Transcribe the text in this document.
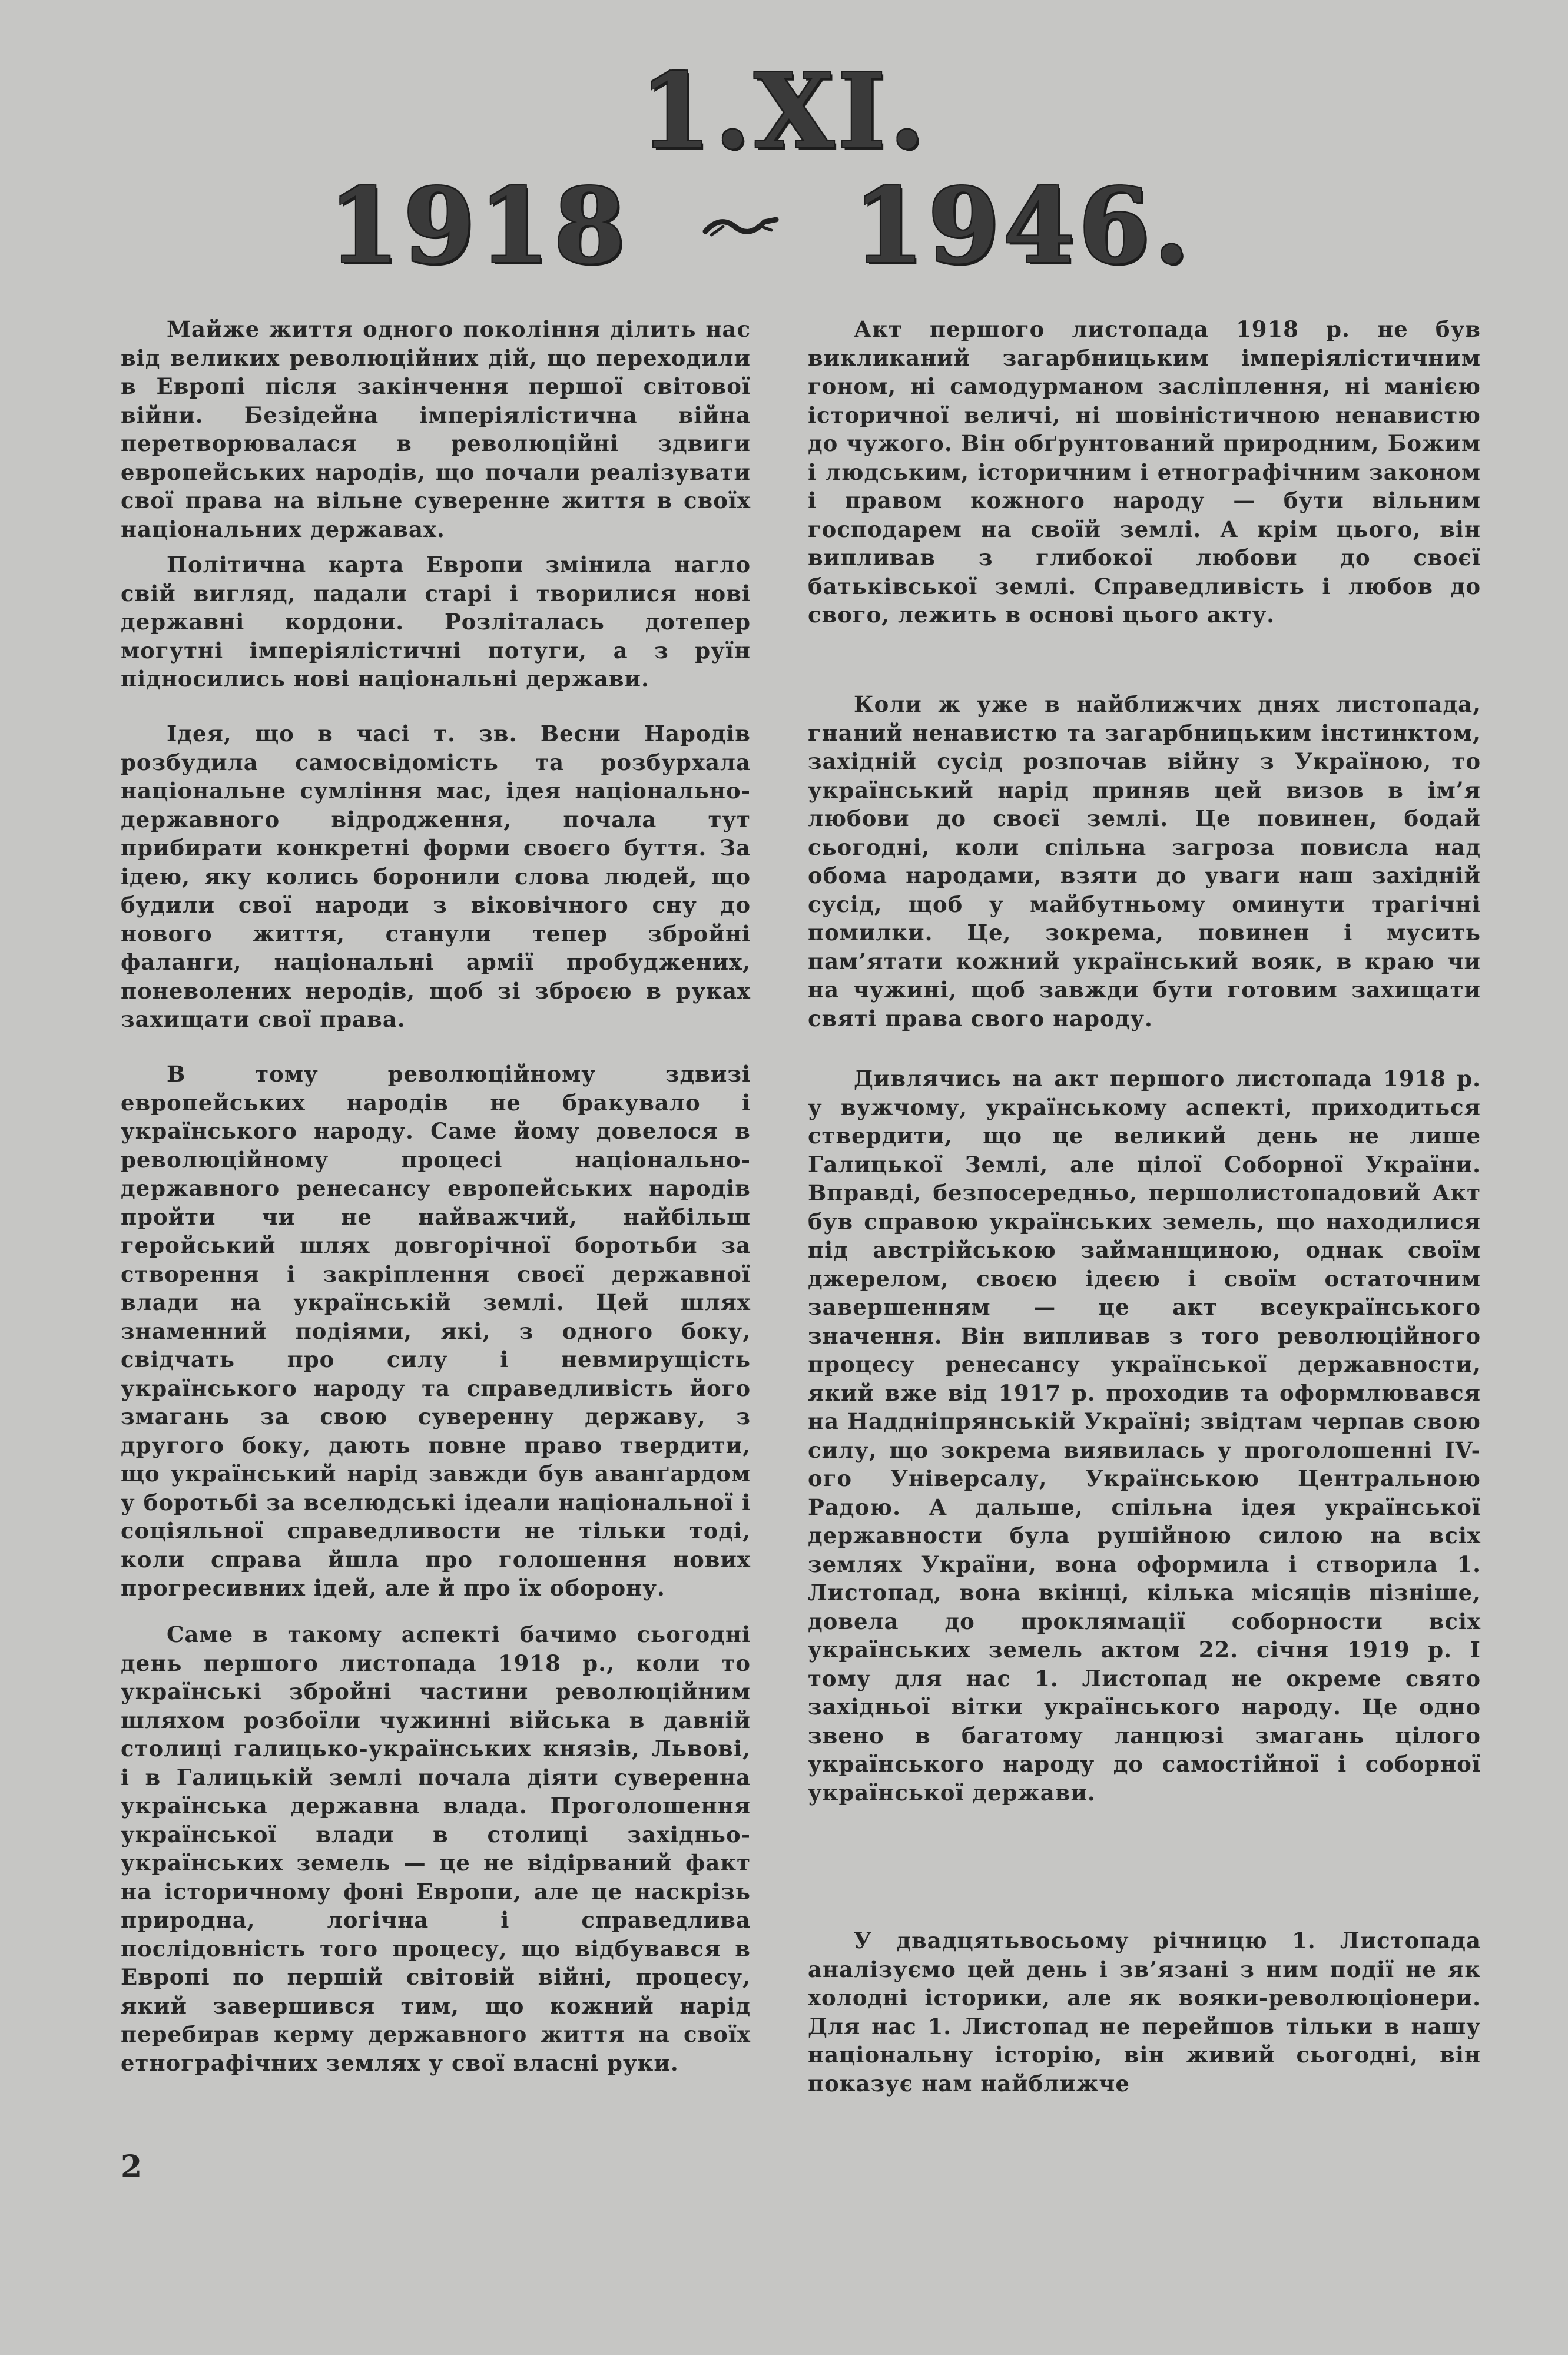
1.XI.
1918 1946.

Майже життя одного покоління ділить нас від великих революційних дій, що переходили в Европі після закінчення першої світової війни. Безідейна імперіялістична війна перетворювалася в революційні здвиги европейських народів, що почали реалізувати свої права на вільне суверенне життя в своїх національних державах.

Політична карта Европи змінила нагло свій вигляд, падали старі і творилися нові державні кордони. Розліталась дотепер могутні імперіялістичні потуги, а з руїн підносились нові національні держави.

Ідея, що в часі т. зв. Весни Народів розбудила самосвідомість та розбурхала національне сумління мас, ідея національно-державного відродження, почала тут прибирати конкретні форми своєго буття. За ідею, яку колись боронили слова людей, що будили свої народи з віковічного сну до нового життя, станули тепер збройні фаланги, національні армії пробуджених, поневолених неродів, щоб зі зброєю в руках захищати свої права.

В тому революційному здвизі европейських народів не бракувало і українського народу. Саме йому довелося в революційному процесі національно-державного ренесансу европейських народів пройти чи не найважчий, найбільш геройський шлях довгорічної боротьби за створення і закріплення своєї державної влади на українській землі. Цей шлях знаменний подіями, які, з одного боку, свідчать про силу і невмирущість українського народу та справедливість його змагань за свою суверенну державу, з другого боку, дають повне право твердити, що український нарід завжди був аванґардом у боротьбі за вселюдські ідеали національної і соціяльної справедливости не тільки тоді, коли справа йшла про голошення нових прогресивних ідей, але й про їх оборону.

Саме в такому аспекті бачимо сьогодні день першого листопада 1918 р., коли то українські збройні частини революційним шляхом розбоїли чужинні війська в давній столиці галицько-українських князів, Львові, і в Галицькій землі почала діяти суверенна українська державна влада. Проголошення української влади в столиці західньо-українських земель — це не відірваний факт на історичному фоні Европи, але це наскрізь природна, логічна і справедлива послідовність того процесу, що відбувався в Европі по першій світовій війні, процесу, який завершився тим, що кожний нарід перебирав керму державного життя на своїх етнографічних землях у свої власні руки.

Акт першого листопада 1918 р. не був викликаний загарбницьким імперіялістичним гоном, ні самодурманом засліплення, ні манією історичної величі, ні шовіністичною ненавистю до чужого. Він обґрунтований природним, Божим і людським, історичним і етнографічним законом і правом кожного народу — бути вільним господарем на своїй землі. А крім цього, він випливав з глибокої любови до своєї батьківської землі. Справедливість і любов до свого, лежить в основі цього акту.

Коли ж уже в найближчих днях листопада, гнаний ненавистю та загарбницьким інстинктом, західній сусід розпочав війну з Україною, то український нарід приняв цей визов в ім’я любови до своєї землі. Це повинен, бодай сьогодні, коли спільна загроза повисла над обома народами, взяти до уваги наш західній сусід, щоб у майбутньому оминути трагічні помилки. Це, зокрема, повинен і мусить пам’ятати кожний український вояк, в краю чи на чужині, щоб завжди бути готовим захищати святі права свого народу.

Дивлячись на акт першого листопада 1918 р. у вужчому, українському аспекті, приходиться ствердити, що це великий день не лише Галицької Землі, але цілої Соборної України. Вправді, безпосередньо, першолистопадовий Акт був справою українських земель, що находилися під австрійською займанщиною, однак своїм джерелом, своєю ідеєю і своїм остаточним завершенням — це акт всеукраїнського значення. Він випливав з того революційного процесу ренесансу української державности, який вже від 1917 р. проходив та оформлювався на Наддніпрянській Україні; звідтам черпав свою силу, що зокрема виявилась у проголошенні IV-ого Універсалу, Українською Центральною Радою. А дальше, спільна ідея української державности була рушійною силою на всіх землях України, вона оформила і створила 1. Листопад, вона вкінці, кілька місяців пізніше, довела до проклямації соборности всіх українських земель актом 22. січня 1919 р. І тому для нас 1. Листопад не окреме свято західньої вітки українського народу. Це одно звено в багатому ланцюзі змагань цілого українського народу до самостійної і соборної української держави.

У двадцятьвосьому річницю 1. Листопада аналізуємо цей день і зв’язані з ним події не як холодні історики, але як вояки-революціонери. Для нас 1. Листопад не перейшов тільки в нашу національну історію, він живий сьогодні, він показує нам найближче

2
